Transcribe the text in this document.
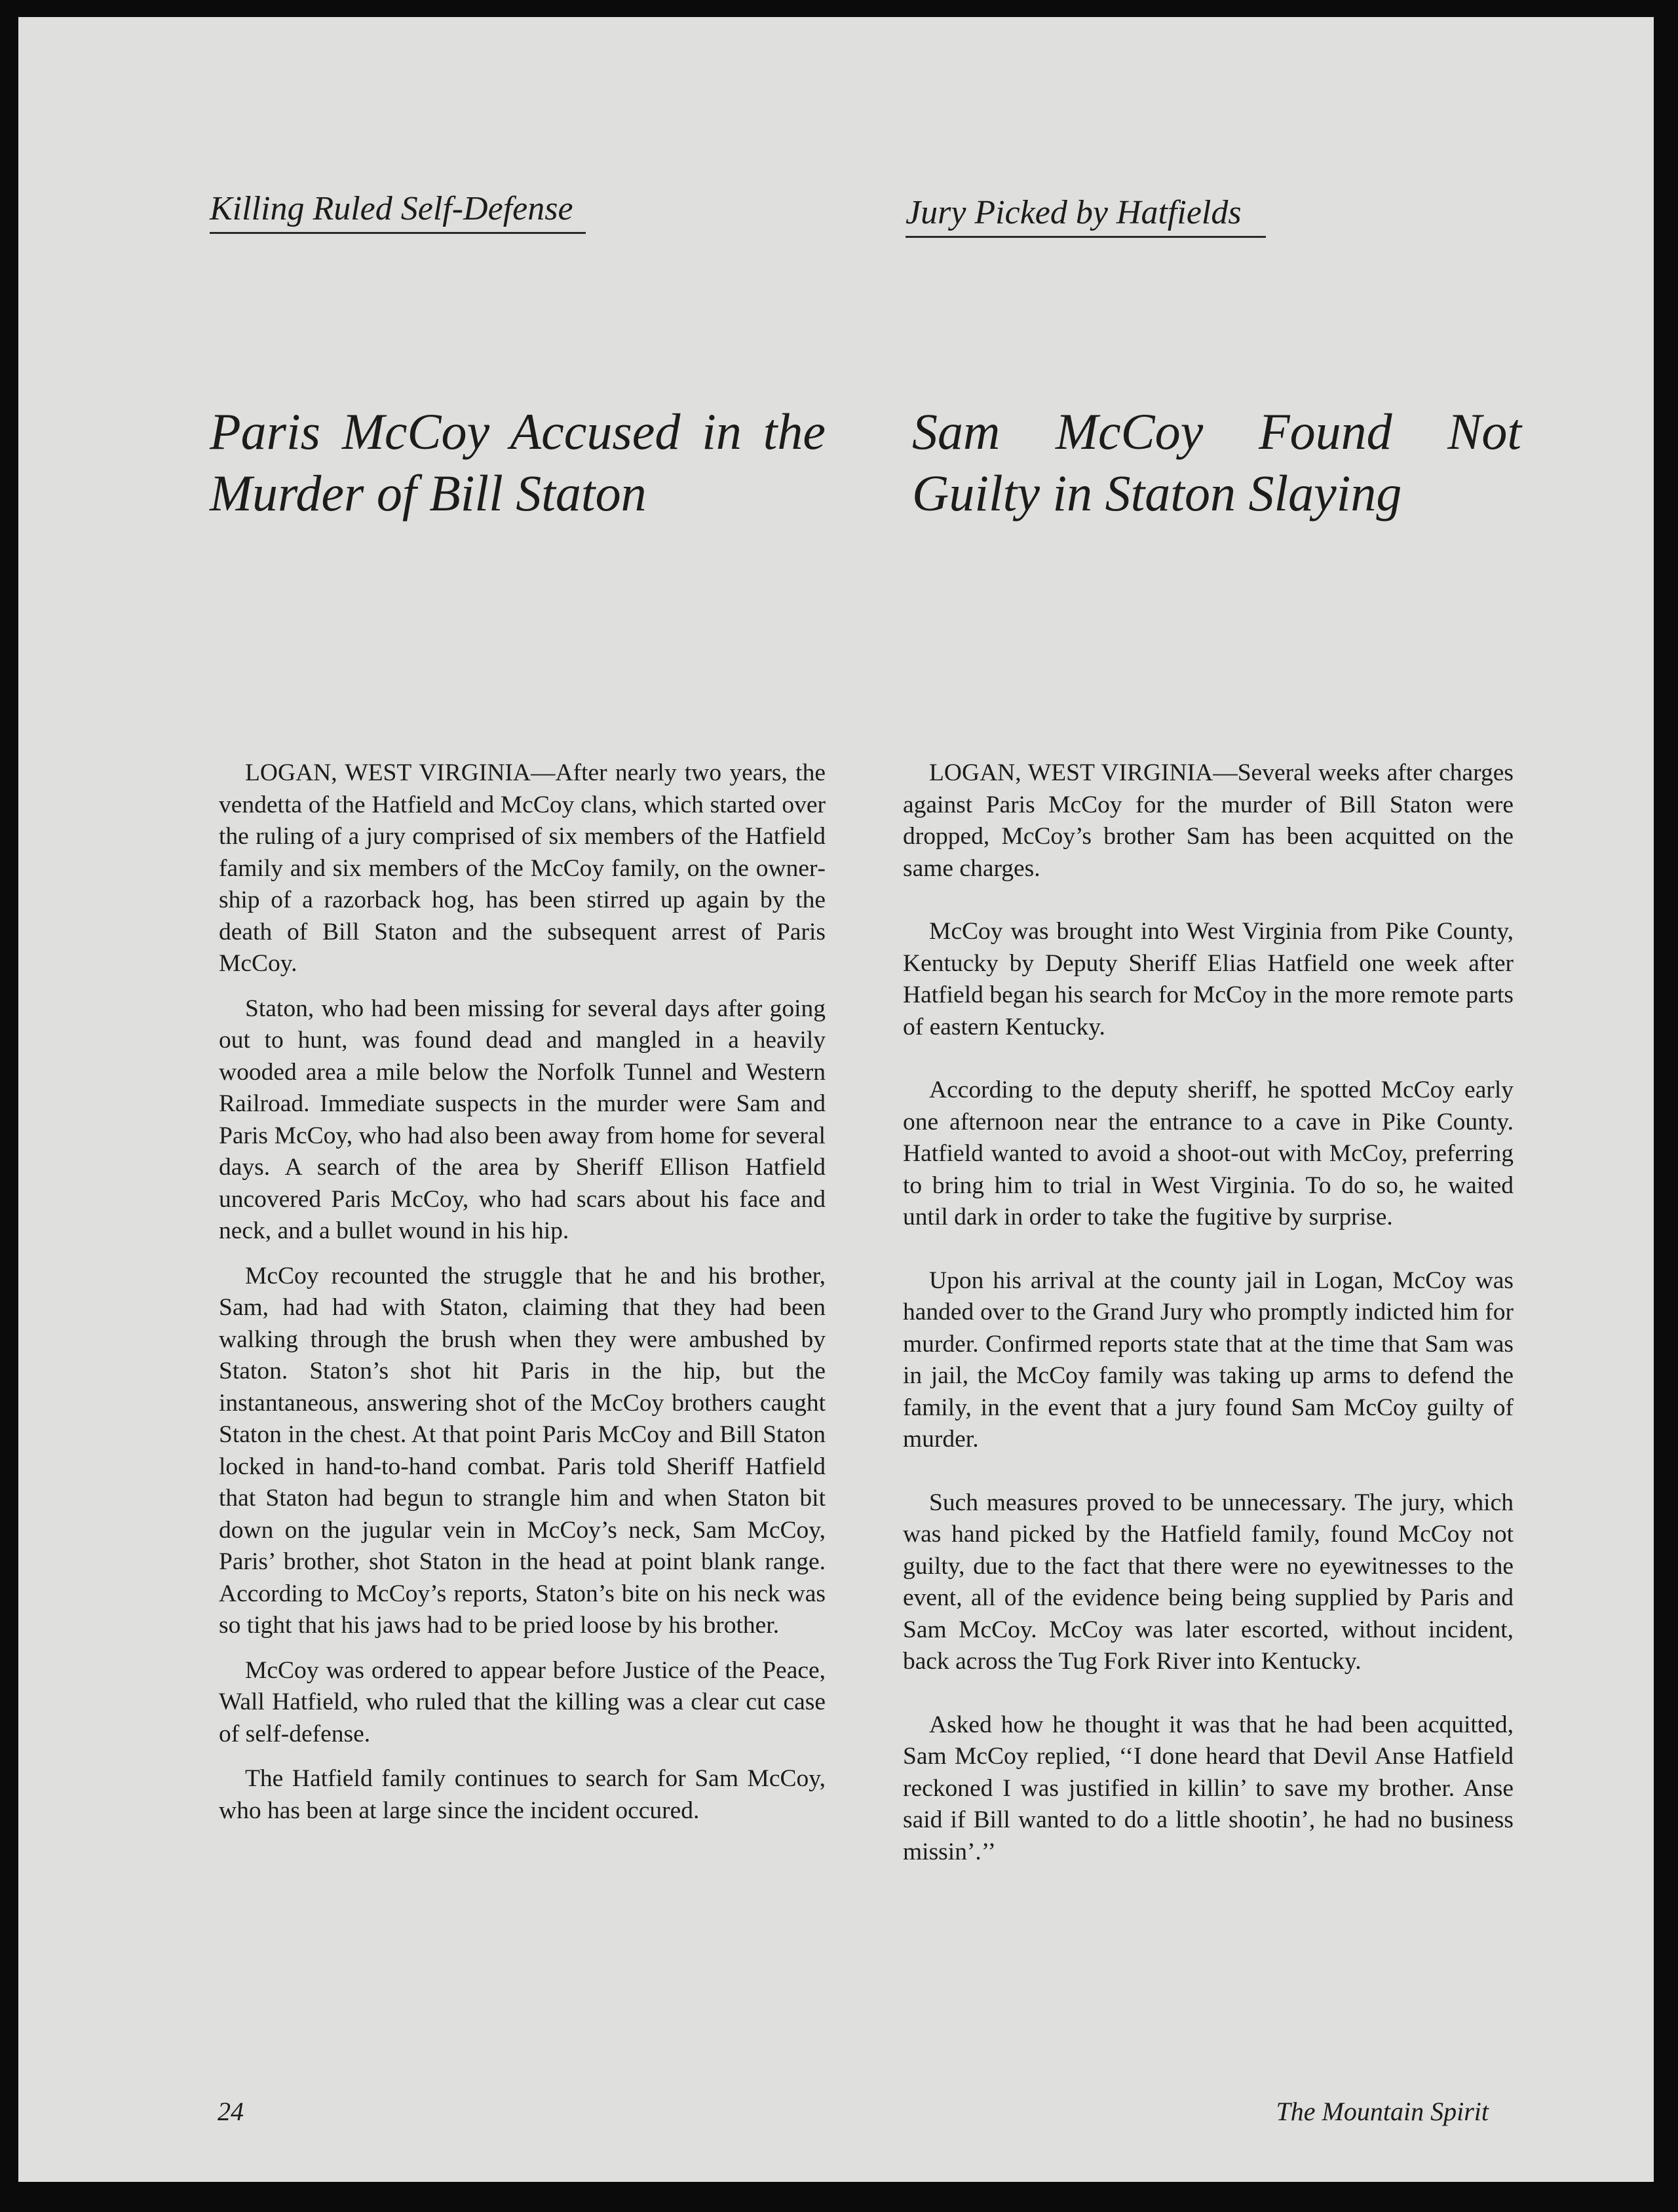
Killing Ruled Self-Defense	Jury Picked by Hatfields
Paris McCoy Accused in the Murder of Bill Staton
Sam McCoy Found Not Guilty in Staton Slaying

LOGAN, WEST VIRGINIA—After nearly two years, the vendetta of the Hatfield and McCoy clans, which started over the ruling of a jury comprised of six members of the Hatfield family and six members of the McCoy family, on the ownership of a razorback hog, has been stirred up again by the death of Bill Staton and the subsequent arrest of Paris McCoy.

Staton, who had been missing for several days after going out to hunt, was found dead and mangled in a heavily wooded area a mile below the Norfolk Tunnel and Western Railroad. Immediate suspects in the murder were Sam and Paris McCoy, who had also been away from home for several days. A search of the area by Sheriff Ellison Hatfield uncovered Paris McCoy, who had scars about his face and neck, and a bullet wound in his hip.

McCoy recounted the struggle that he and his brother, Sam, had had with Staton, claiming that they had been walking through the brush when they were ambushed by Staton. Staton’s shot hit Paris in the hip, but the instantaneous, answering shot of the McCoy brothers caught Staton in the chest. At that point Paris McCoy and Bill Staton locked in hand-to-hand combat. Paris told Sheriff Hatfield that Staton had begun to strangle him and when Staton bit down on the jugular vein in McCoy’s neck, Sam McCoy, Paris’ brother, shot Staton in the head at point blank range. According to McCoy’s reports, Staton’s bite on his neck was so tight that his jaws had to be pried loose by his brother.

McCoy was ordered to appear before Justice of the Peace, Wall Hatfield, who ruled that the killing was a clear cut case of self-defense.

The Hatfield family continues to search for Sam McCoy, who has been at large since the incident occured.

LOGAN, WEST VIRGINIA—Several weeks after charges against Paris McCoy for the murder of Bill Staton were dropped, McCoy’s brother Sam has been acquitted on the same charges.

McCoy was brought into West Virginia from Pike County, Kentucky by Deputy Sheriff Elias Hatfield one week after Hatfield began his search for McCoy in the more remote parts of eastern Kentucky.

According to the deputy sheriff, he spotted McCoy early one afternoon near the entrance to a cave in Pike County. Hatfield wanted to avoid a shoot-out with McCoy, preferring to bring him to trial in West Virginia. To do so, he waited until dark in order to take the fugitive by surprise.

Upon his arrival at the county jail in Logan, McCoy was handed over to the Grand Jury who promptly indicted him for murder. Confirmed reports state that at the time that Sam was in jail, the McCoy family was taking up arms to defend the family, in the event that a jury found Sam McCoy guilty of murder.

Such measures proved to be unnecessary. The jury, which was hand picked by the Hatfield family, found McCoy not guilty, due to the fact that there were no eyewitnesses to the event, all of the evidence being being supplied by Paris and Sam McCoy. McCoy was later escorted, without incident, back across the Tug Fork River into Kentucky.

Asked how he thought it was that he had been acquitted, Sam McCoy replied, ‘‘I done heard that Devil Anse Hatfield reckoned I was justified in killin’ to save my brother. Anse said if Bill wanted to do a little shootin’, he had no business missin’.’’

24	The Mountain Spirit
